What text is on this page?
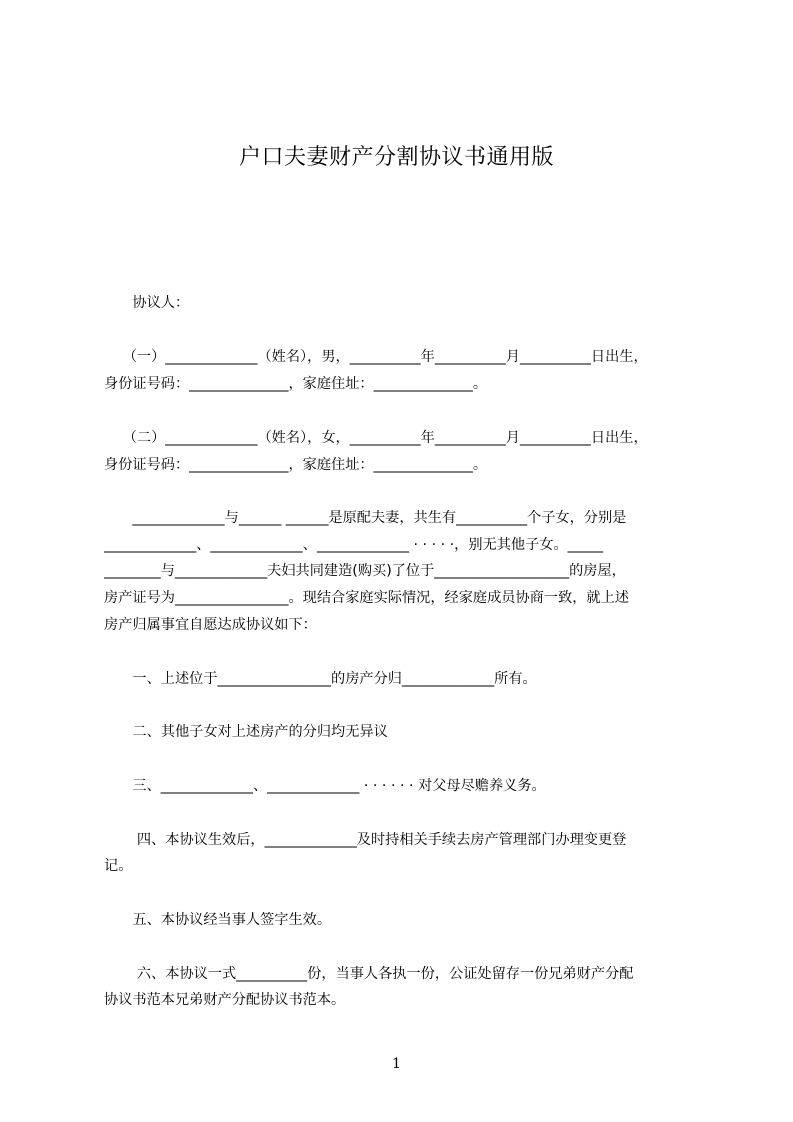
户口夫妻财产分割协议书通用版
　　协议人：
　 （一）_____________（姓名），男，__________年__________月__________日出生，
身份证号码：______________，家庭住址：______________。
　 （二）_____________（姓名），女，__________年__________月__________日出生，
身份证号码：______________，家庭住址：______________。
　　_____________与______ ______是原配夫妻，共生有__________个子女，分别是
_____________、_____________、_____________ · · · · ·，别无其他子女。_____
________与_____________夫妇共同建造(购买)了位于___________________的房屋，
房产证号为________________。现结合家庭实际情况，经家庭成员协商一致，就上述
房产归属事宜自愿达成协议如下：
　　一、上述位于________________的房产分归_____________所有。
　　二、其他子女对上述房产的分归均无异议
　　三、_____________、_____________ · · · · · · 对父母尽赡养义务。
　　 四、本协议生效后，_____________及时持相关手续去房产管理部门办理变更登
记。
　　五、本协议经当事人签字生效。
　　 六、本协议一式__________份，当事人各执一份，公证处留存一份兄弟财产分配
协议书范本兄弟财产分配协议书范本。
1
